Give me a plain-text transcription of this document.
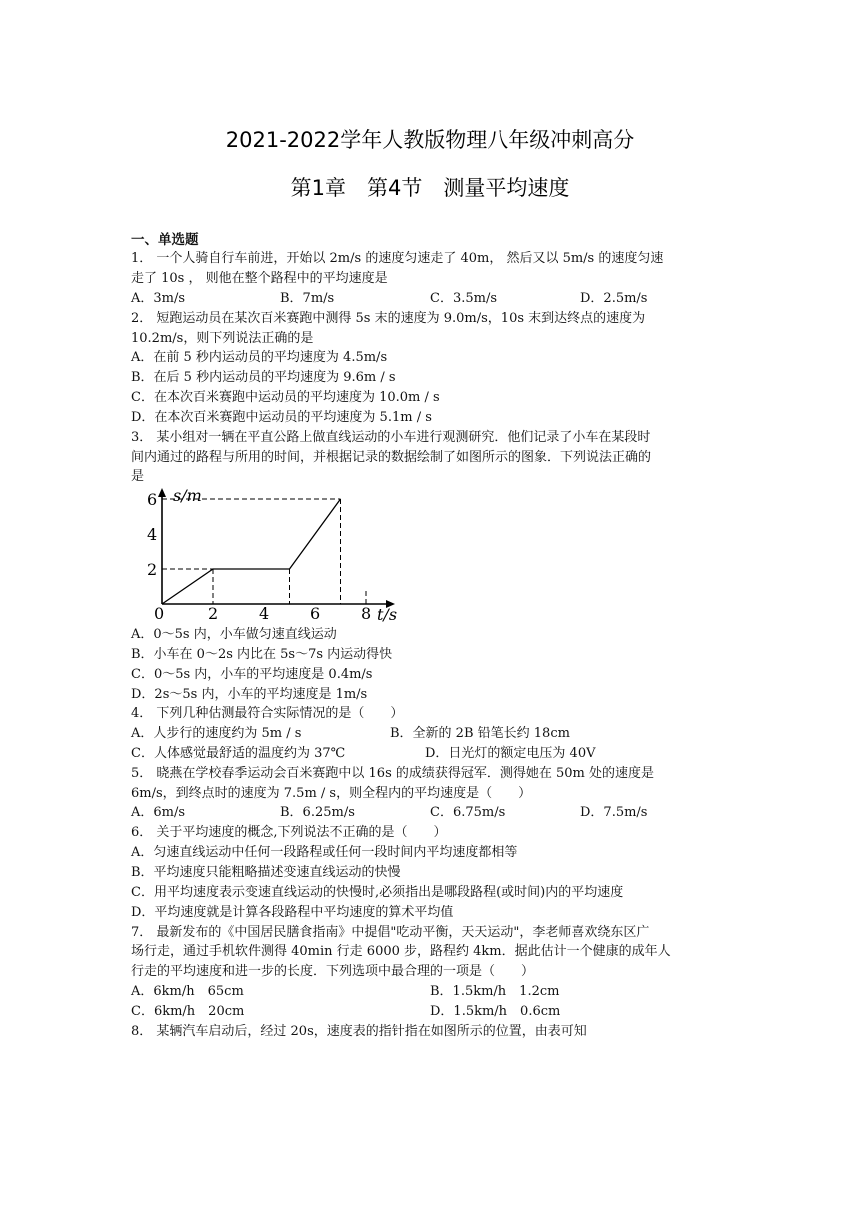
2021-2022学年人教版物理八年级冲刺高分
第1章　第4节　测量平均速度
一、单选题
1． 一个人骑自行车前进，开始以 2m/s 的速度匀速走了 40m， 然后又以 5m/s 的速度匀速
走了 10s ， 则他在整个路程中的平均速度是
A．3m/s	B．7m/s	C．3.5m/s	D．2.5m/s
2． 短跑运动员在某次百米赛跑中测得 5s 末的速度为 9.0m/s，10s 末到达终点的速度为
10.2m/s，则下列说法正确的是
A．在前 5 秒内运动员的平均速度为 4.5m/s
B．在后 5 秒内运动员的平均速度为 9.6m / s
C．在本次百米赛跑中运动员的平均速度为 10.0m / s
D．在本次百米赛跑中运动员的平均速度为 5.1m / s
3． 某小组对一辆在平直公路上做直线运动的小车进行观测研究．他们记录了小车在某段时
间内通过的路程与所用的时间，并根据记录的数据绘制了如图所示的图象．下列说法正确的
是
0	2	4	6	8
2
4
6 s/m
t/s
A．0～5s 内，小车做匀速直线运动
B．小车在 0～2s 内比在 5s～7s 内运动得快
C．0～5s 内，小车的平均速度是 0.4m/s
D．2s～5s 内，小车的平均速度是 1m/s
4． 下列几种估测最符合实际情况的是（　　）
A．人步行的速度约为 5m / s	B．全新的 2B 铅笔长约 18cm
C．人体感觉最舒适的温度约为 37℃	D．日光灯的额定电压为 40V
5． 晓燕在学校春季运动会百米赛跑中以 16s 的成绩获得冠军．测得她在 50m 处的速度是
6m/s，到终点时的速度为 7.5m / s，则全程内的平均速度是（　　）
A．6m/s	B．6.25m/s	C．6.75m/s	D．7.5m/s
6． 关于平均速度的概念,下列说法不正确的是（　　）
A．匀速直线运动中任何一段路程或任何一段时间内平均速度都相等
B．平均速度只能粗略描述变速直线运动的快慢
C．用平均速度表示变速直线运动的快慢时,必须指出是哪段路程(或时间)内的平均速度
D．平均速度就是计算各段路程中平均速度的算术平均值
7． 最新发布的《中国居民膳食指南》中提倡"吃动平衡，天天运动"，李老师喜欢绕东区广
场行走，通过手机软件测得 40min 行走 6000 步，路程约 4km．据此估计一个健康的成年人
行走的平均速度和进一步的长度．下列选项中最合理的一项是（　　）
A．6km/h　65cm	B．1.5km/h　1.2cm
C．6km/h　20cm	D．1.5km/h　0.6cm
8． 某辆汽车启动后，经过 20s，速度表的指针指在如图所示的位置，由表可知
